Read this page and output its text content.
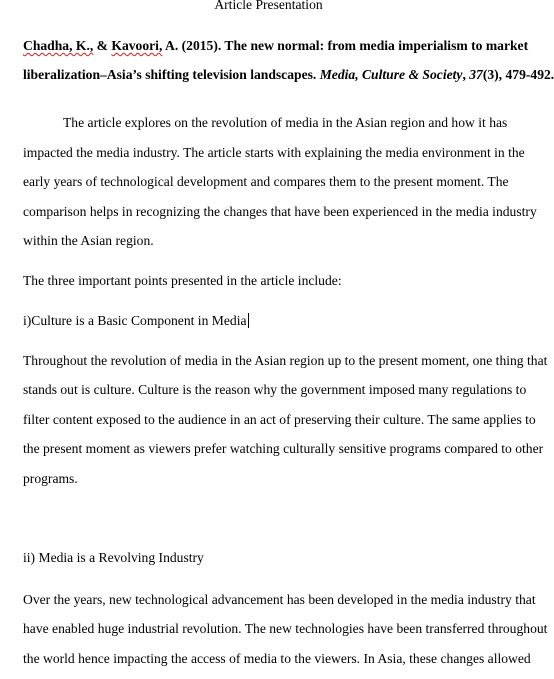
Article Presentation
Chadha, K., & Kavoori, A. (2015). The new normal: from media imperialism to market
liberalization–Asia’s shifting television landscapes. Media, Culture & Society, 37(3), 479-492.
The article explores on the revolution of media in the Asian region and how it has
impacted the media industry. The article starts with explaining the media environment in the
early years of technological development and compares them to the present moment. The
comparison helps in recognizing the changes that have been experienced in the media industry
within the Asian region.
The three important points presented in the article include:
i)Culture is a Basic Component in Media
Throughout the revolution of media in the Asian region up to the present moment, one thing that
stands out is culture. Culture is the reason why the government imposed many regulations to
filter content exposed to the audience in an act of preserving their culture. The same applies to
the present moment as viewers prefer watching culturally sensitive programs compared to other
programs.
ii) Media is a Revolving Industry
Over the years, new technological advancement has been developed in the media industry that
have enabled huge industrial revolution. The new technologies have been transferred throughout
the world hence impacting the access of media to the viewers. In Asia, these changes allowed
